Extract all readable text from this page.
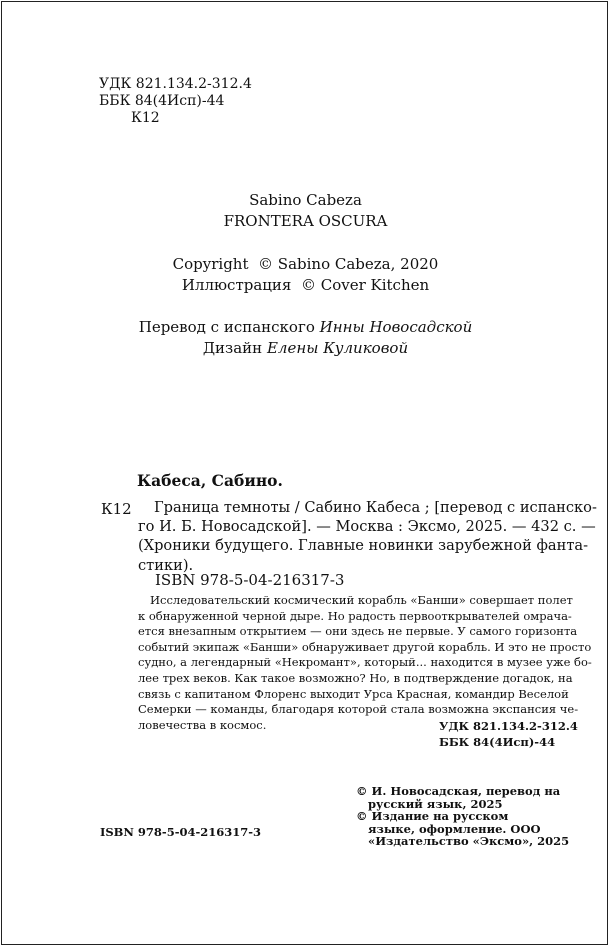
УДК 821.134.2-312.4
ББК 84(4Исп)-44
К12
Sabino Cabeza
FRONTERA OSCURA
Copyright © Sabino Cabeza, 2020
Иллюстрация © Cover Kitchen
Перевод с испанского Инны Новосадской
Дизайн Елены Куликовой
Кабеса, Сабино.
К12	Граница темноты / Сабино Кабеса ; [перевод с испанско-
го И. Б. Новосадской]. — Москва : Эксмо, 2025. — 432 с. —
(Хроники будущего. Главные новинки зарубежной фанта-
стики).
ISBN 978-5-04-216317-3
Исследовательский космический корабль «Банши» совершает полет
к обнаруженной черной дыре. Но радость первооткрывателей омрача-
ется внезапным открытием — они здесь не первые. У самого горизонта
событий экипаж «Банши» обнаруживает другой корабль. И это не просто
судно, а легендарный «Некромант», который... находится в музее уже бо-
лее трех веков. Как такое возможно? Но, в подтверждение догадок, на
связь с капитаном Флоренс выходит Урса Красная, командир Веселой
Семерки — команды, благодаря которой стала возможна экспансия че-
ловечества в космос.	УДК 821.134.2-312.4
ББК 84(4Исп)-44
© И. Новосадская, перевод на
русский язык, 2025
© Издание на русском
языке, оформление. ООО
«Издательство «Эксмо», 2025
ISBN 978-5-04-216317-3
